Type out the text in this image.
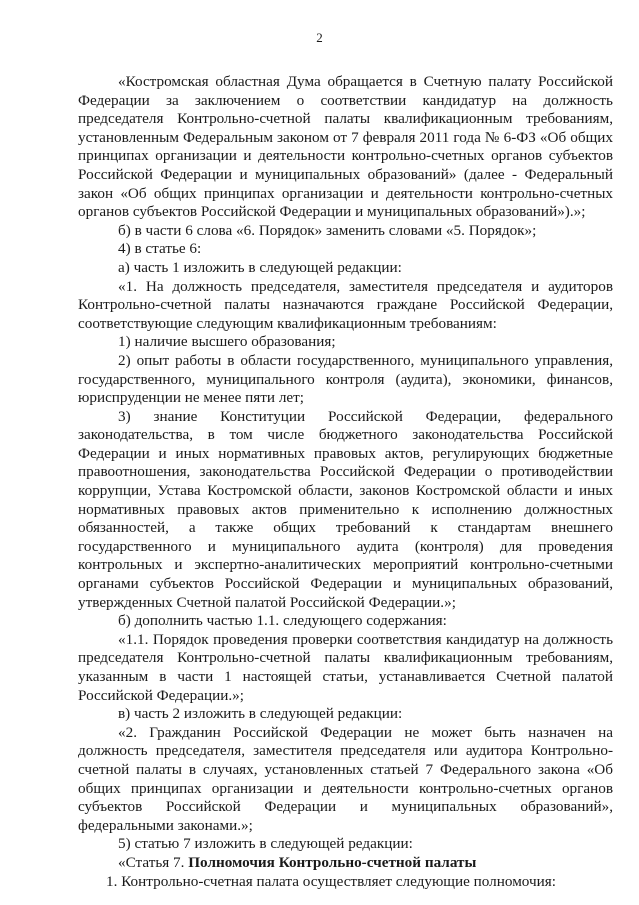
2

«Костромская областная Дума обращается в Счетную палату Российской Федерации за заключением о соответствии кандидатур на должность председателя Контрольно-счетной палаты квалификационным требованиям, установленным Федеральным законом от 7 февраля 2011 года № 6-ФЗ «Об общих принципах организации и деятельности контрольно-счетных органов субъектов Российской Федерации и муниципальных образований» (далее - Федеральный закон «Об общих принципах организации и деятельности контрольно-счетных органов субъектов Российской Федерации и муниципальных образований»).»;

б) в части 6 слова «6. Порядок» заменить словами «5. Порядок»;

4) в статье 6:

а) часть 1 изложить в следующей редакции:

«1. На должность председателя, заместителя председателя и аудиторов Контрольно-счетной палаты назначаются граждане Российской Федерации, соответствующие следующим квалификационным требованиям:

1) наличие высшего образования;

2) опыт работы в области государственного, муниципального управления, государственного, муниципального контроля (аудита), экономики, финансов, юриспруденции не менее пяти лет;

3) знание Конституции Российской Федерации, федерального законодательства, в том числе бюджетного законодательства Российской Федерации и иных нормативных правовых актов, регулирующих бюджетные правоотношения, законодательства Российской Федерации о противодействии коррупции, Устава Костромской области, законов Костромской области и иных нормативных правовых актов применительно к исполнению должностных обязанностей, а также общих требований к стандартам внешнего государственного и муниципального аудита (контроля) для проведения контрольных и экспертно-аналитических мероприятий контрольно-счетными органами субъектов Российской Федерации и муниципальных образований, утвержденных Счетной палатой Российской Федерации.»;

б) дополнить частью 1.1. следующего содержания:

«1.1. Порядок проведения проверки соответствия кандидатур на должность председателя Контрольно-счетной палаты квалификационным требованиям, указанным в части 1 настоящей статьи, устанавливается Счетной палатой Российской Федерации.»;

в) часть 2 изложить в следующей редакции:

«2. Гражданин Российской Федерации не может быть назначен на должность председателя, заместителя председателя или аудитора Контрольно-счетной палаты в случаях, установленных статьей 7 Федерального закона «Об общих принципах организации и деятельности контрольно-счетных органов субъектов Российской Федерации и муниципальных образований», федеральными законами.»;

5) статью 7 изложить в следующей редакции:

«Статья 7. Полномочия Контрольно-счетной палаты

1. Контрольно-счетная палата осуществляет следующие полномочия:
